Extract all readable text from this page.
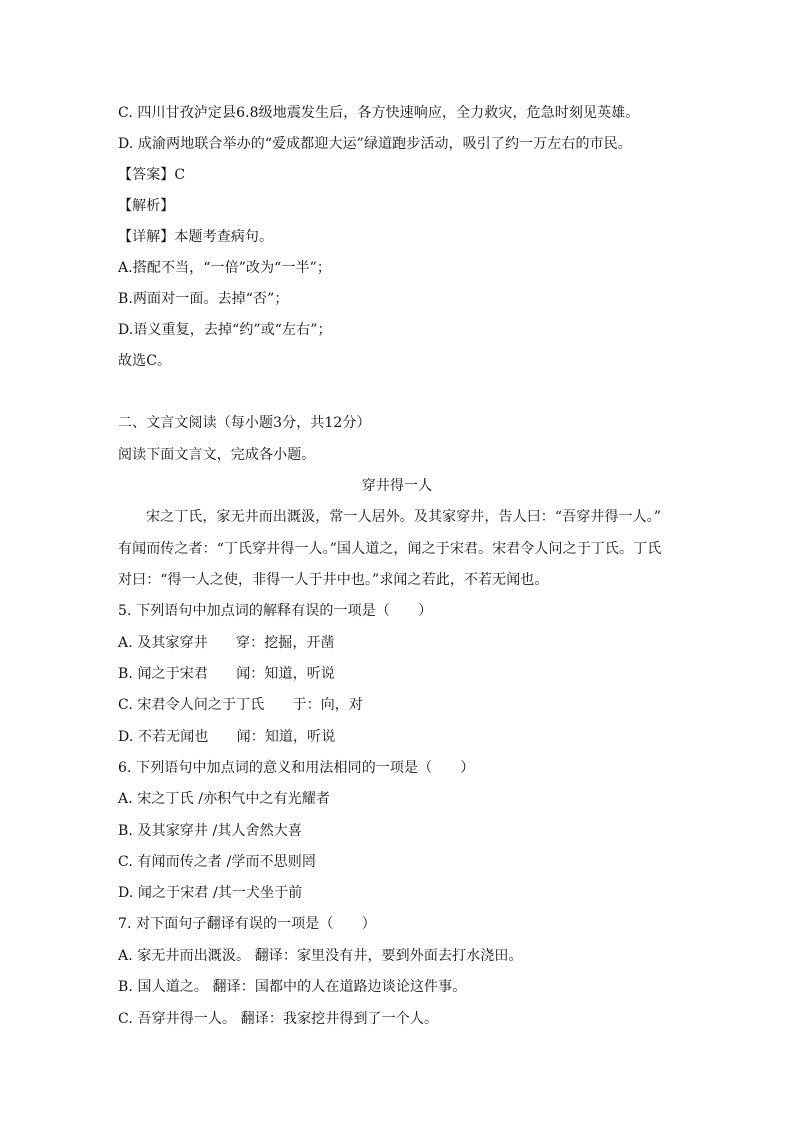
C. 四川甘孜泸定县6.8级地震发生后，各方快速响应，全力救灾，危急时刻见英雄。
D. 成渝两地联合举办的“爱成都迎大运”绿道跑步活动，吸引了约一万左右的市民。
【答案】C
【解析】
【详解】本题考查病句。
A.搭配不当，“一倍”改为“一半”；
B.两面对一面。去掉“否”；
D.语义重复，去掉“约”或“左右”；
故选C。
二、文言文阅读（每小题3分，共12分）
阅读下面文言文，完成各小题。
穿井得一人
宋之丁氏，家无井而出溉汲，常一人居外。及其家穿井，告人曰：“吾穿井得一人。”
有闻而传之者：“丁氏穿井得一人。”国人道之，闻之于宋君。宋君令人问之于丁氏。丁氏
对曰：“得一人之使，非得一人于井中也。”求闻之若此，不若无闻也。
5. 下列语句中加点词的解释有误的一项是（　　）
A. 及其家穿井　　穿：挖掘，开凿
B. 闻之于宋君　　闻：知道，听说
C. 宋君令人问之于丁氏　　于：向，对
D. 不若无闻也　　闻：知道，听说
6. 下列语句中加点词的意义和用法相同的一项是（　　）
A. 宋之丁氏 /亦积气中之有光耀者
B. 及其家穿井 /其人舍然大喜
C. 有闻而传之者 /学而不思则罔
D. 闻之于宋君 /其一犬坐于前
7. 对下面句子翻译有误的一项是（　　）
A. 家无井而出溉汲。 翻译：家里没有井，要到外面去打水浇田。
B. 国人道之。 翻译：国都中的人在道路边谈论这件事。
C. 吾穿井得一人。 翻译：我家挖井得到了一个人。
